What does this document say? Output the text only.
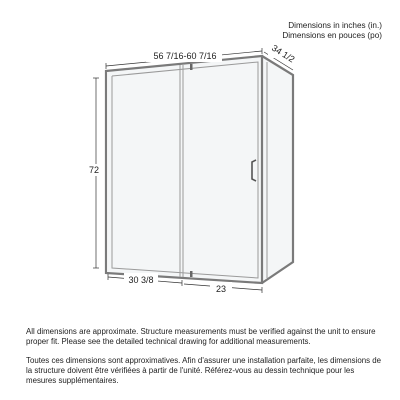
Dimensions in inches (in.)
Dimensions en pouces (po)
56 7/16-60 7/16	34 1/2
72
30 3/8
23

All dimensions are approximate. Structure measurements must be verified against the unit to ensure proper fit. Please see the detailed technical drawing for additional measurements.

Toutes ces dimensions sont approximatives. Afin d'assurer une installation parfaite, les dimensions de la structure doivent être vérifiées à partir de l'unité. Référez-vous au dessin technique pour les mesures supplémentaires.
